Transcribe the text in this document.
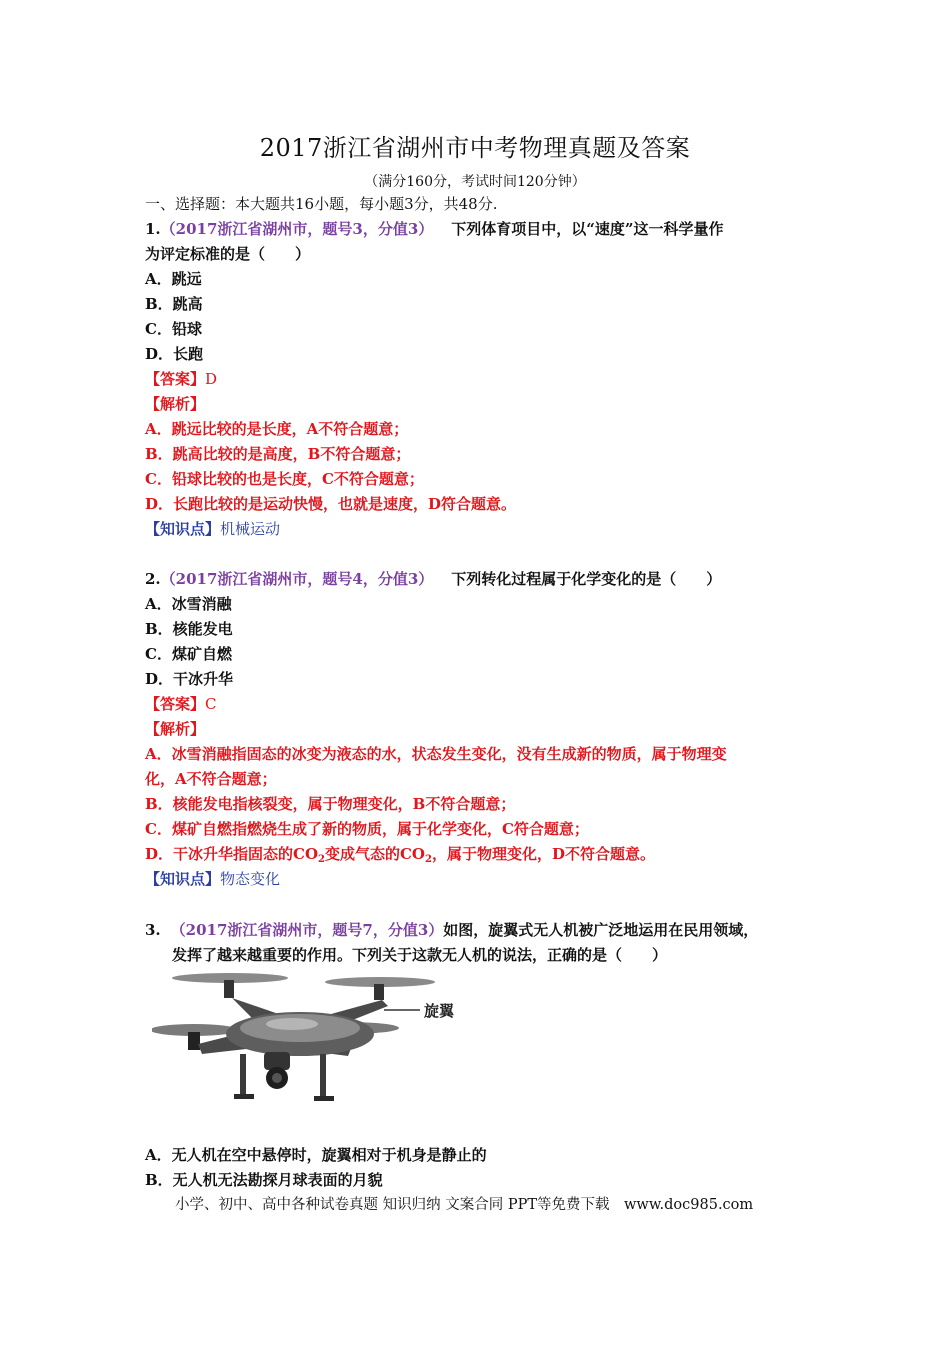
2017浙江省湖州市中考物理真题及答案
（满分160分，考试时间120分钟）
一、选择题：本大题共16小题，每小题3分，共48分.
1.（2017浙江省湖州市，题号3，分值3） 下列体育项目中，以“速度”这一科学量作
为评定标准的是（　　）
A．跳远
B．跳高
C．铅球
D．长跑
【答案】D
【解析】
A．跳远比较的是长度，A不符合题意；
B．跳高比较的是高度，B不符合题意；
C．铅球比较的也是长度，C不符合题意；
D．长跑比较的是运动快慢，也就是速度，D符合题意。
【知识点】机械运动
2.（2017浙江省湖州市，题号4，分值3） 下列转化过程属于化学变化的是（　　）
A．冰雪消融
B．核能发电
C．煤矿自燃
D．干冰升华
【答案】C
【解析】
A．冰雪消融指固态的冰变为液态的水，状态发生变化，没有生成新的物质，属于物理变
化，A不符合题意；
B．核能发电指核裂变，属于物理变化，B不符合题意；
C．煤矿自燃指燃烧生成了新的物质，属于化学变化，C符合题意；
D．干冰升华指固态的$CO_2$变成气态的$CO_2$，属于物理变化，D不符合题意。
【知识点】物态变化
3. （2017浙江省湖州市，题号7，分值3）如图，旋翼式无人机被广泛地运用在民用领域，
发挥了越来越重要的作用。下列关于这款无人机的说法，正确的是（　　）
旋翼
A．无人机在空中悬停时，旋翼相对于机身是静止的
B．无人机无法勘探月球表面的月貌
小学、初中、高中各种试卷真题 知识归纳 文案合同 PPT等免费下载　www.doc985.com
